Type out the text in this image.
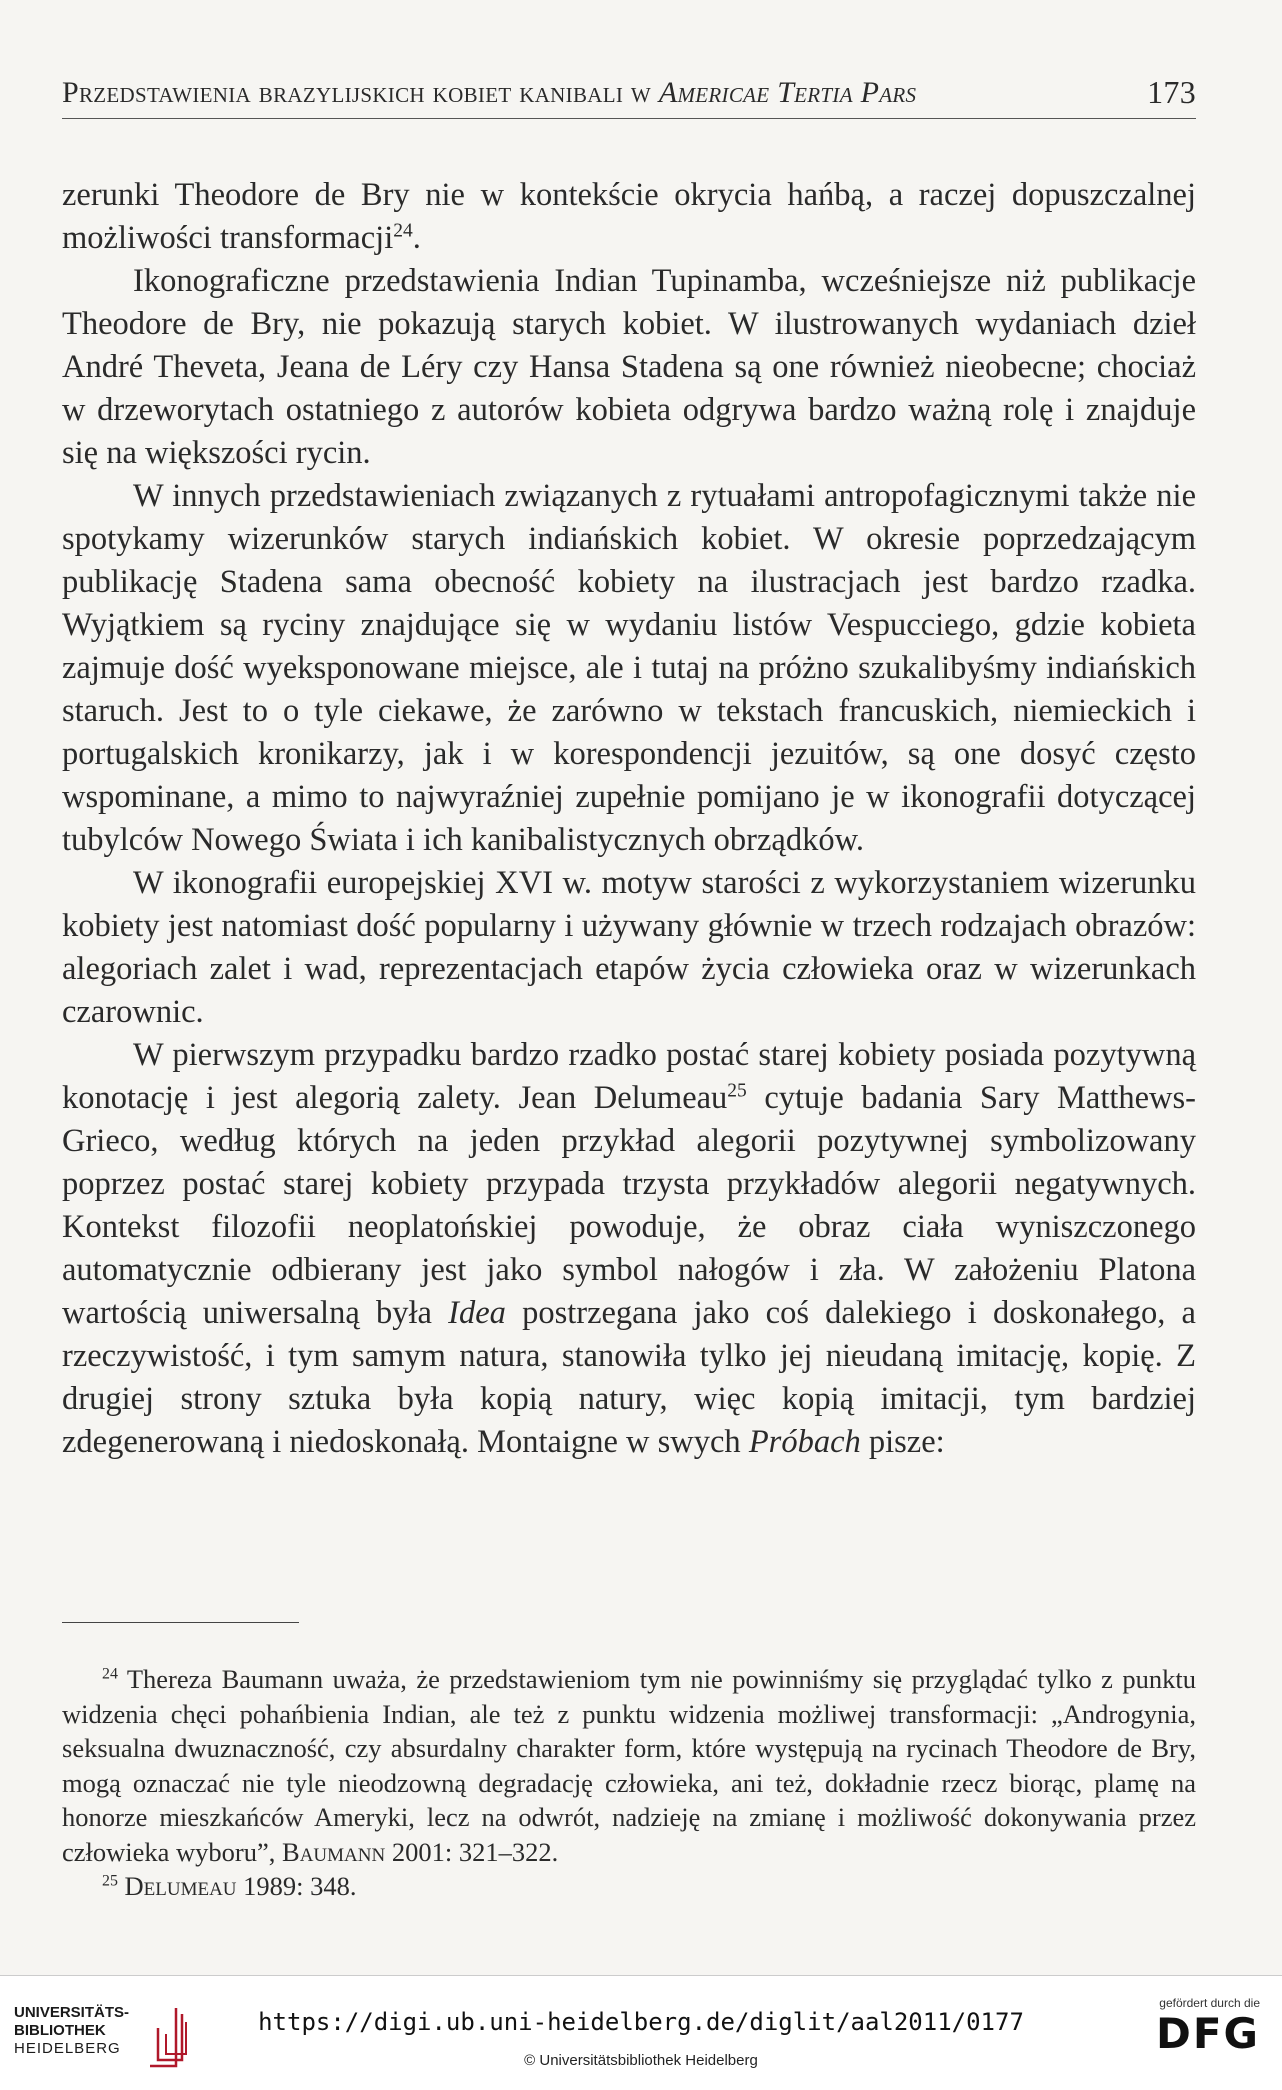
Przedstawienia brazylijskich kobiet kanibali w Americae Tertia Pars	173

zerunki Theodore de Bry nie w kontekście okrycia hańbą, a raczej dopuszczalnej możliwości transformacji$^{24}$.

Ikonograficzne przedstawienia Indian Tupinamba, wcześniejsze niż publikacje Theodore de Bry, nie pokazują starych kobiet. W ilustrowanych wydaniach dzieł André Theveta, Jeana de Léry czy Hansa Stadena są one również nieobecne; chociaż w drzeworytach ostatniego z autorów kobieta odgrywa bardzo ważną rolę i znajduje się na większości rycin.

W innych przedstawieniach związanych z rytuałami antropofagicznymi także nie spotykamy wizerunków starych indiańskich kobiet. W okresie poprzedzającym publikację Stadena sama obecność kobiety na ilustracjach jest bardzo rzadka. Wyjątkiem są ryciny znajdujące się w wydaniu listów Vespucciego, gdzie kobieta zajmuje dość wyeksponowane miejsce, ale i tutaj na próżno szukalibyśmy indiańskich staruch. Jest to o tyle ciekawe, że zarówno w tekstach francuskich, niemieckich i portugalskich kronikarzy, jak i w korespondencji jezuitów, są one dosyć często wspominane, a mimo to najwyraźniej zupełnie pomijano je w ikonografii dotyczącej tubylców Nowego Świata i ich kanibalistycznych obrządków.

W ikonografii europejskiej XVI w. motyw starości z wykorzystaniem wizerunku kobiety jest natomiast dość popularny i używany głównie w trzech rodzajach obrazów: alegoriach zalet i wad, reprezentacjach etapów życia człowieka oraz w wizerunkach czarownic.

W pierwszym przypadku bardzo rzadko postać starej kobiety posiada pozytywną konotację i jest alegorią zalety. Jean Delumeau$^{25}$ cytuje badania Sary Matthews-Grieco, według których na jeden przykład alegorii pozytywnej symbolizowany poprzez postać starej kobiety przypada trzysta przykładów alegorii negatywnych. Kontekst filozofii neoplatońskiej powoduje, że obraz ciała wyniszczonego automatycznie odbierany jest jako symbol nałogów i zła. W założeniu Platona wartością uniwersalną była Idea postrzegana jako coś dalekiego i doskonałego, a rzeczywistość, i tym samym natura, stanowiła tylko jej nieudaną imitację, kopię. Z drugiej strony sztuka była kopią natury, więc kopią imitacji, tym bardziej zdegenerowaną i niedoskonałą. Montaigne w swych Próbach pisze:

$^{24}$ Thereza Baumann uważa, że przedstawieniom tym nie powinniśmy się przyglądać tylko z punktu widzenia chęci pohańbienia Indian, ale też z punktu widzenia możliwej transformacji: „Androgynia, seksualna dwuznaczność, czy absurdalny charakter form, które występują na rycinach Theodore de Bry, mogą oznaczać nie tyle nieodzowną degradację człowieka, ani też, dokładnie rzecz biorąc, plamę na honorze mieszkańców Ameryki, lecz na odwrót, nadzieję na zmianę i możliwość dokonywania przez człowieka wyboru”, Baumann 2001: 321–322.

$^{25}$ Delumeau 1989: 348.

UNIVERSITÄTS-
BIBLIOTHEK
HEIDELBERG
https://digi.ub.uni-heidelberg.de/diglit/aal2011/0177
© Universitätsbibliothek Heidelberg
gefördert durch die
DFG
